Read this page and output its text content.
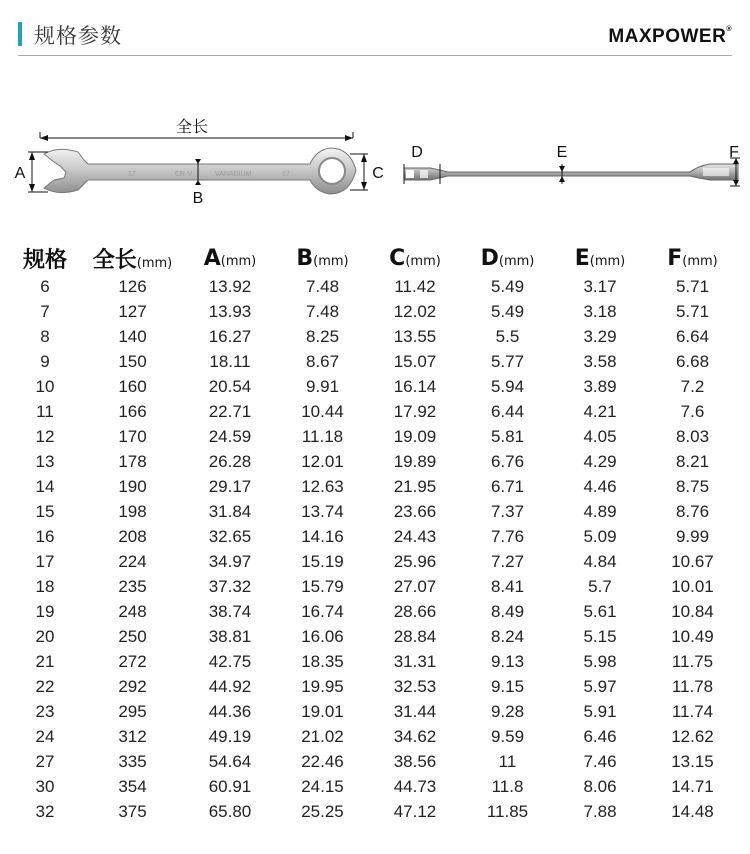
规格参数	MAXPOWER®
全长
17	CR-V	VANADIUM	17
A
B
C
D	E	F
规格	全长(mm)	A(mm)	B(mm)	C(mm)	D(mm)	E(mm)	F(mm)
6	126	13.92	7.48	11.42	5.49	3.17	5.71
7	127	13.93	7.48	12.02	5.49	3.18	5.71
8	140	16.27	8.25	13.55	5.5	3.29	6.64
9	150	18.11	8.67	15.07	5.77	3.58	6.68
10	160	20.54	9.91	16.14	5.94	3.89	7.2
11	166	22.71	10.44	17.92	6.44	4.21	7.6
12	170	24.59	11.18	19.09	5.81	4.05	8.03
13	178	26.28	12.01	19.89	6.76	4.29	8.21
14	190	29.17	12.63	21.95	6.71	4.46	8.75
15	198	31.84	13.74	23.66	7.37	4.89	8.76
16	208	32.65	14.16	24.43	7.76	5.09	9.99
17	224	34.97	15.19	25.96	7.27	4.84	10.67
18	235	37.32	15.79	27.07	8.41	5.7	10.01
19	248	38.74	16.74	28.66	8.49	5.61	10.84
20	250	38.81	16.06	28.84	8.24	5.15	10.49
21	272	42.75	18.35	31.31	9.13	5.98	11.75
22	292	44.92	19.95	32.53	9.15	5.97	11.78
23	295	44.36	19.01	31.44	9.28	5.91	11.74
24	312	49.19	21.02	34.62	9.59	6.46	12.62
27	335	54.64	22.46	38.56	11	7.46	13.15
30	354	60.91	24.15	44.73	11.8	8.06	14.71
32	375	65.80	25.25	47.12	11.85	7.88	14.48
